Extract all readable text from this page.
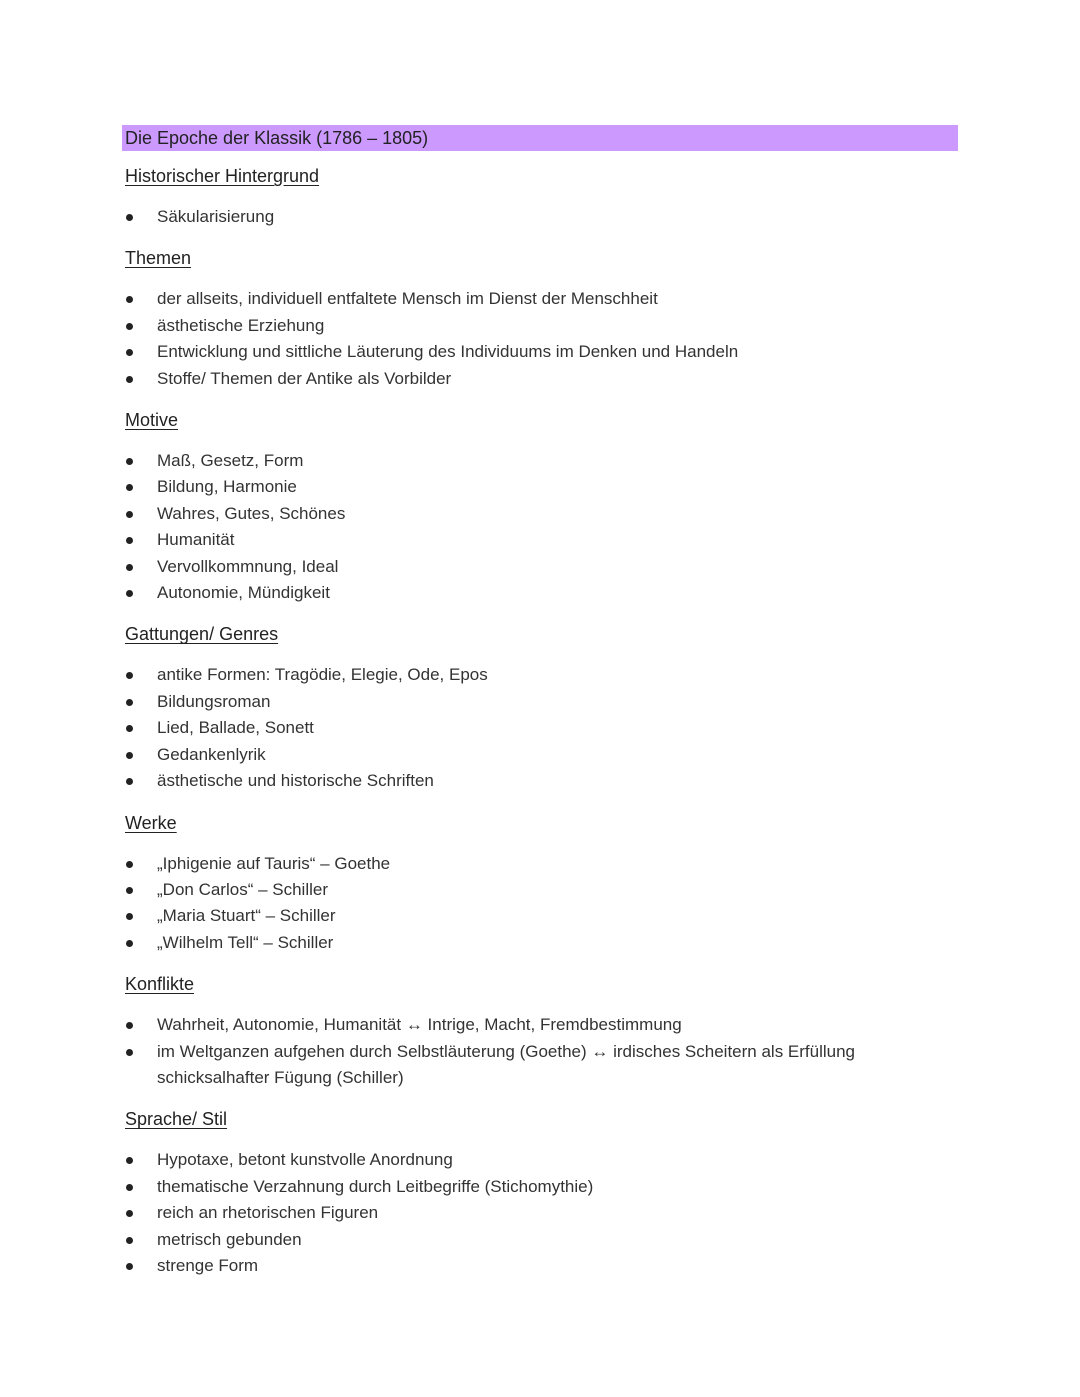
Die Epoche der Klassik (1786 – 1805)
Historischer Hintergrund
Säkularisierung
Themen
der allseits, individuell entfaltete Mensch im Dienst der Menschheit
ästhetische Erziehung
Entwicklung und sittliche Läuterung des Individuums im Denken und Handeln
Stoffe/ Themen der Antike als Vorbilder
Motive
Maß, Gesetz, Form
Bildung, Harmonie
Wahres, Gutes, Schönes
Humanität
Vervollkommnung, Ideal
Autonomie, Mündigkeit
Gattungen/ Genres
antike Formen: Tragödie, Elegie, Ode, Epos
Bildungsroman
Lied, Ballade, Sonett
Gedankenlyrik
ästhetische und historische Schriften
Werke
„Iphigenie auf Tauris“ – Goethe
„Don Carlos“ – Schiller
„Maria Stuart“ – Schiller
„Wilhelm Tell“ – Schiller
Konflikte
Wahrheit, Autonomie, Humanität ↔ Intrige, Macht, Fremdbestimmung
im Weltganzen aufgehen durch Selbstläuterung (Goethe) ↔ irdisches Scheitern als Erfüllung schicksalhafter Fügung (Schiller)
Sprache/ Stil
Hypotaxe, betont kunstvolle Anordnung
thematische Verzahnung durch Leitbegriffe (Stichomythie)
reich an rhetorischen Figuren
metrisch gebunden
strenge Form
